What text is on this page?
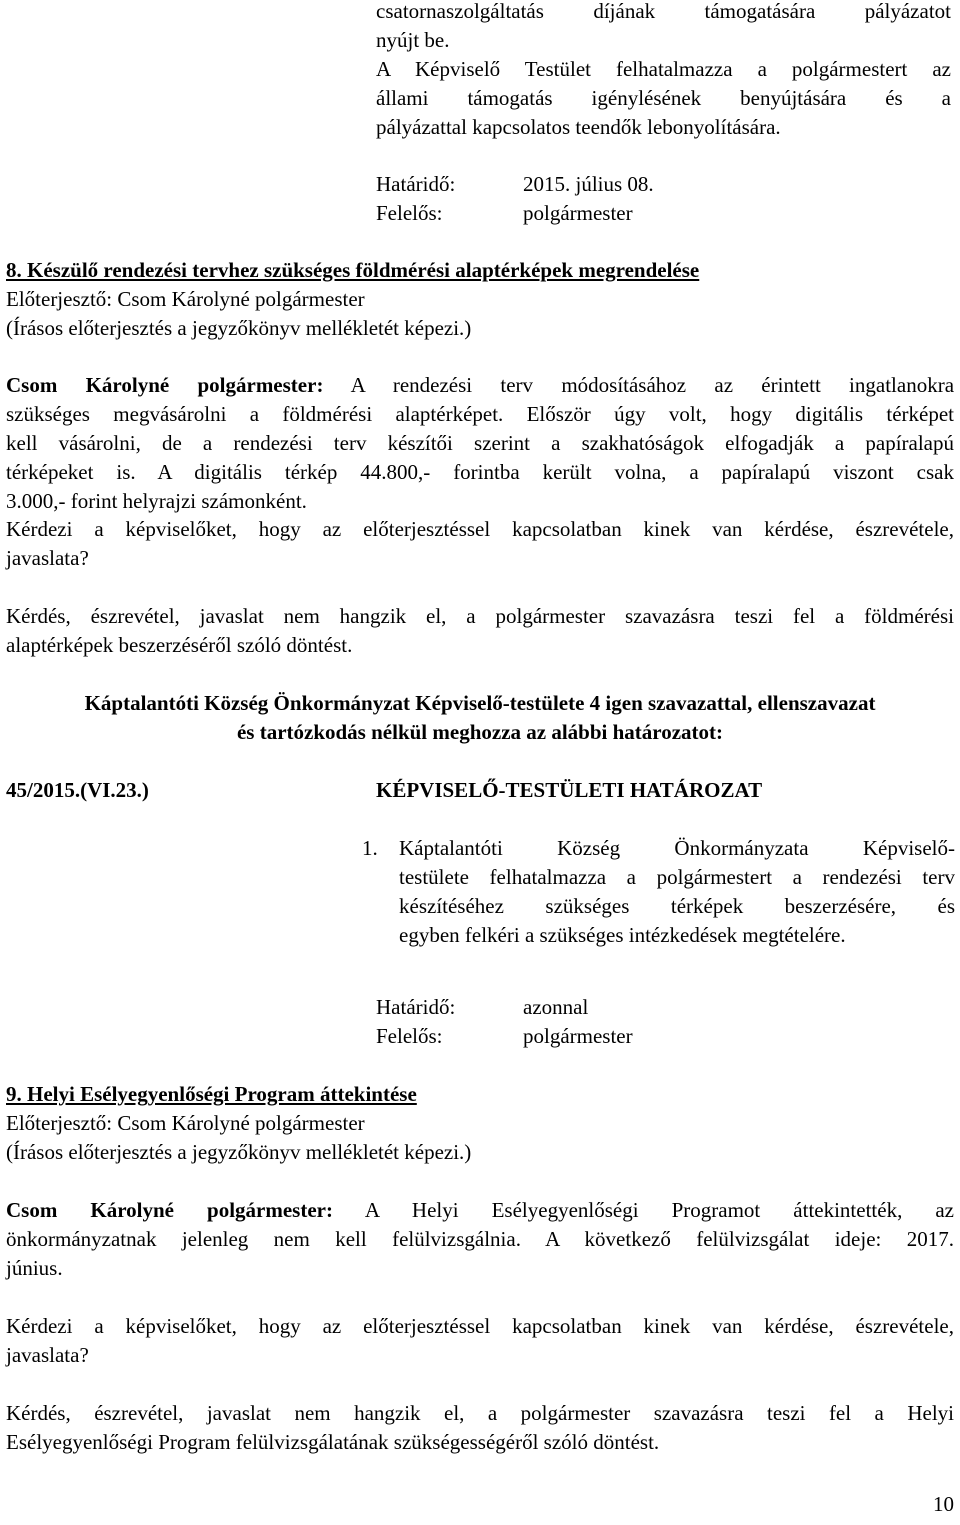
csatornaszolgáltatás díjának támogatására pályázatot
nyújt be.
A Képviselő Testület felhatalmazza a polgármestert az
állami támogatás igénylésének benyújtására és a
pályázattal kapcsolatos teendők lebonyolítására.
Határidő:	2015. július 08.
Felelős:	polgármester
8. Készülő rendezési tervhez szükséges földmérési alaptérképek megrendelése
Előterjesztő: Csom Károlyné polgármester
(Írásos előterjesztés a jegyzőkönyv mellékletét képezi.)
Csom Károlyné polgármester: A rendezési terv módosításához az érintett ingatlanokra
szükséges megvásárolni a földmérési alaptérképet. Először úgy volt, hogy digitális térképet
kell vásárolni, de a rendezési terv készítői szerint a szakhatóságok elfogadják a papíralapú
térképeket is. A digitális térkép 44.800,- forintba került volna, a papíralapú viszont csak
3.000,- forint helyrajzi számonként.
Kérdezi a képviselőket, hogy az előterjesztéssel kapcsolatban kinek van kérdése, észrevétele,
javaslata?
Kérdés, észrevétel, javaslat nem hangzik el, a polgármester szavazásra teszi fel a földmérési
alaptérképek beszerzéséről szóló döntést.
Káptalantóti Község Önkormányzat Képviselő-testülete 4 igen szavazattal, ellenszavazat
és tartózkodás nélkül meghozza az alábbi határozatot:
45/2015.(VI.23.)	KÉPVISELŐ-TESTÜLETI HATÁROZAT
1. Káptalantóti Község Önkormányzata Képviselő-
testülete felhatalmazza a polgármestert a rendezési terv
készítéséhez szükséges térképek beszerzésére, és
egyben felkéri a szükséges intézkedések megtételére.
Határidő:	azonnal
Felelős:	polgármester
9. Helyi Esélyegyenlőségi Program áttekintése
Előterjesztő: Csom Károlyné polgármester
(Írásos előterjesztés a jegyzőkönyv mellékletét képezi.)
Csom Károlyné polgármester: A Helyi Esélyegyenlőségi Programot áttekintették, az
önkormányzatnak jelenleg nem kell felülvizsgálnia. A következő felülvizsgálat ideje: 2017.
június.
Kérdezi a képviselőket, hogy az előterjesztéssel kapcsolatban kinek van kérdése, észrevétele,
javaslata?
Kérdés, észrevétel, javaslat nem hangzik el, a polgármester szavazásra teszi fel a Helyi
Esélyegyenlőségi Program felülvizsgálatának szükségességéről szóló döntést.
10
